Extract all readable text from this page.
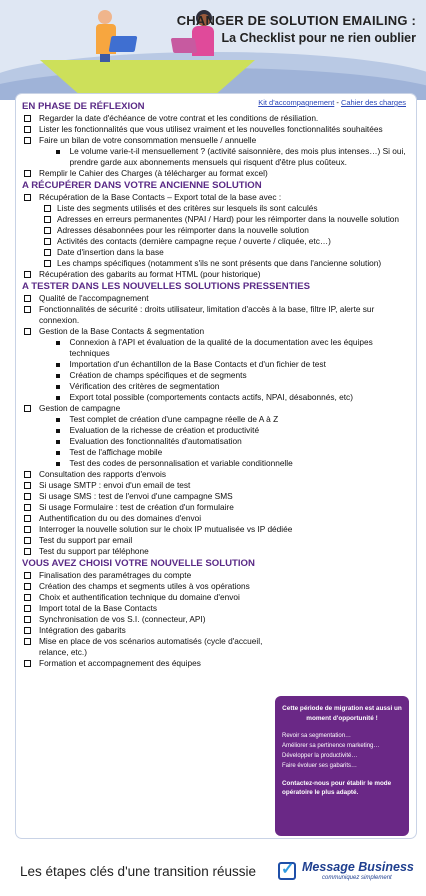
CHANGER DE SOLUTION EMAILING :
La Checklist pour ne rien oublier
Kit d'accompagnement - Cahier des charges
EN PHASE DE RÉFLEXION
Regarder la date d'échéance de votre contrat et les conditions de résiliation.
Lister les fonctionnalités que vous utilisez vraiment et les nouvelles fonctionnalités souhaitées
Faire un bilan de votre consommation mensuelle / annuelle
Le volume varie-t-il mensuellement ? (activité saisonnière, des mois plus intenses…) Si oui, prendre garde aux abonnements mensuels qui risquent d'être plus coûteux.
Remplir le Cahier des Charges (à télécharger au format excel)
A RÉCUPÉRER DANS VOTRE ANCIENNE SOLUTION
Récupération de la Base Contacts – Export total de la base avec :
Liste des segments utilisés et des critères sur lesquels ils sont calculés
Adresses en erreurs permanentes (NPAI / Hard) pour les réimporter dans la nouvelle solution
Adresses désabonnées pour les réimporter dans la nouvelle solution
Activités des contacts (dernière campagne reçue / ouverte / cliquée, etc…)
Date d'insertion dans la base
Les champs spécifiques (notamment s'ils ne sont présents que dans l'ancienne solution)
Récupération des gabarits au format HTML (pour historique)
A TESTER DANS LES NOUVELLES SOLUTIONS PRESSENTIES
Qualité de l'accompagnement
Fonctionnalités de sécurité : droits utilisateur, limitation d'accès à la base, filtre IP, alerte sur connexion.
Gestion de la Base Contacts & segmentation
Connexion à l'API et évaluation de la qualité de la documentation avec les équipes techniques
Importation d'un échantillon de la Base Contacts et d'un fichier de test
Création de champs spécifiques et de segments
Vérification des critères de segmentation
Export total possible (comportements contacts actifs, NPAI, désabonnés, etc)
Gestion de campagne
Test complet de création d'une campagne réelle de A à Z
Evaluation de la richesse de création et productivité
Evaluation des fonctionnalités d'automatisation
Test de l'affichage mobile
Test des codes de personnalisation et variable conditionnelle
Consultation des rapports d'envois
Si usage SMTP : envoi d'un email de test
Si usage SMS : test de l'envoi d'une campagne SMS
Si usage Formulaire : test de création d'un formulaire
Authentification du ou des domaines d'envoi
Interroger la nouvelle solution sur le choix IP mutualisée vs IP dédiée
Test du support par email
Test du support par téléphone
VOUS AVEZ CHOISI VOTRE NOUVELLE SOLUTION
Finalisation des paramétrages du compte
Création des champs et segments utiles à vos opérations
Choix et authentification technique du domaine d'envoi
Import total de la Base Contacts
Synchronisation de vos S.I. (connecteur, API)
Intégration des gabarits
Mise en place de vos scénarios automatisés (cycle d'accueil, relance, etc.)
Formation et accompagnement des équipes
Cette période de migration est aussi un moment d'opportunité !
Revoir sa segmentation…
Améliorer sa pertinence marketing…
Développer la productivité…
Faire évoluer ses gabarits…
Contactez-nous pour établir le mode opératoire le plus adapté.
Les étapes clés d'une transition réussie ✓ Message Business
communiquez simplement
